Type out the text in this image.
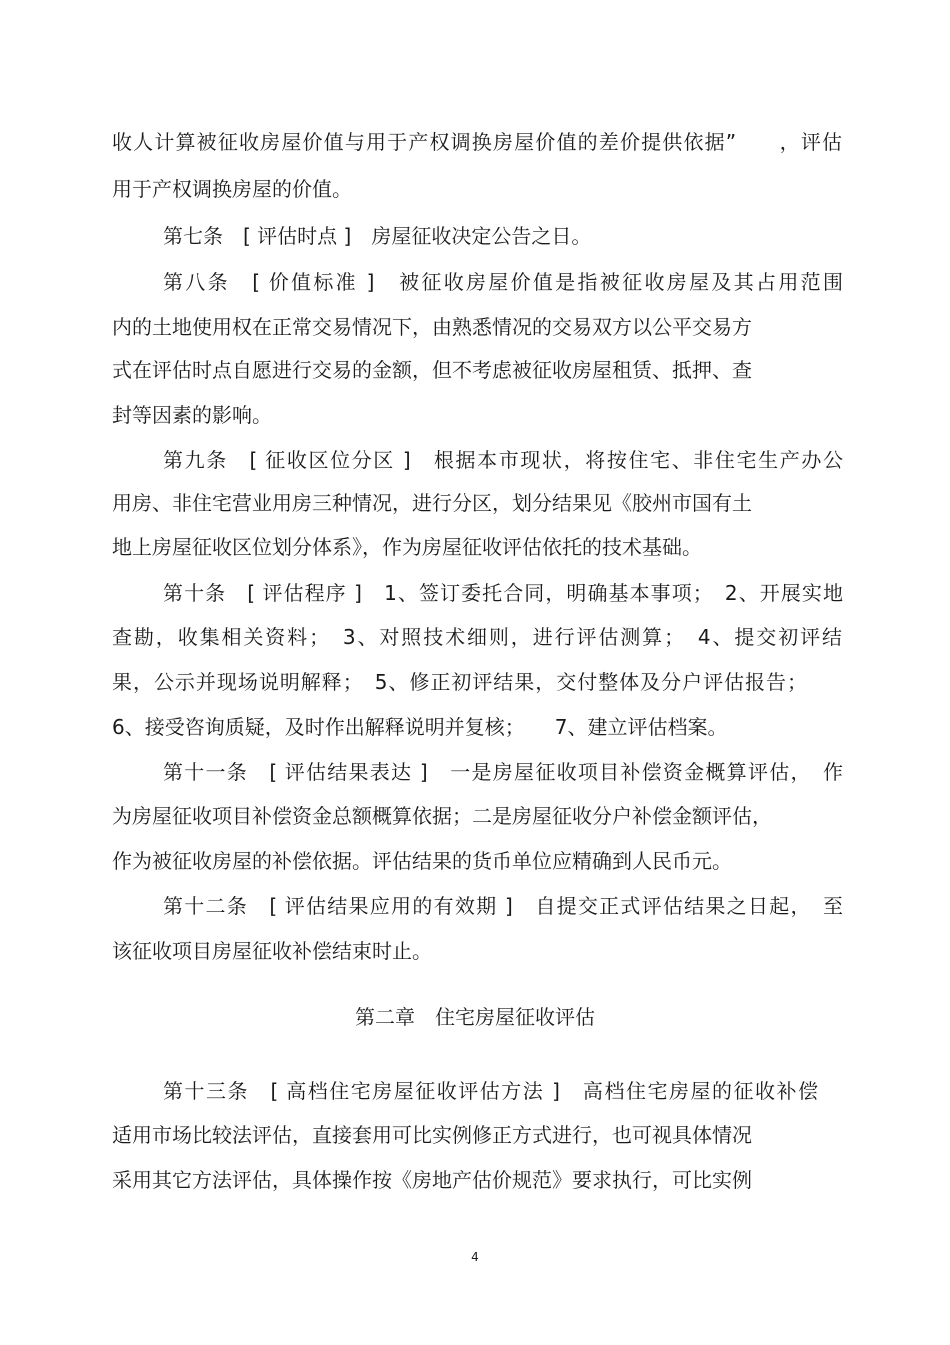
收人计算被征收房屋价值与用于产权调换房屋价值的差价提供依据”　　，评估
用于产权调换房屋的价值。
第七条　[ 评估时点 ]　房屋征收决定公告之日。
第八条　[ 价值标准 ]　被征收房屋价值是指被征收房屋及其占用范围
内的土地使用权在正常交易情况下，由熟悉情况的交易双方以公平交易方
式在评估时点自愿进行交易的金额，但不考虑被征收房屋租赁、抵押、查
封等因素的影响。
第九条　[ 征收区位分区 ]　根据本市现状，将按住宅、非住宅生产办公
用房、非住宅营业用房三种情况，进行分区，划分结果见《胶州市国有土
地上房屋征收区位划分体系》，作为房屋征收评估依托的技术基础。
第十条　[ 评估程序 ]　1、签订委托合同，明确基本事项；　2、开展实地
查勘，收集相关资料；　3、对照技术细则，进行评估测算；　4、提交初评结
果，公示并现场说明解释；　5、修正初评结果，交付整体及分户评估报告；
6、接受咨询质疑，及时作出解释说明并复核；　　7、建立评估档案。
第十一条　[ 评估结果表达 ]　一是房屋征收项目补偿资金概算评估，　作
为房屋征收项目补偿资金总额概算依据；二是房屋征收分户补偿金额评估，
作为被征收房屋的补偿依据。评估结果的货币单位应精确到人民币元。
第十二条　[ 评估结果应用的有效期 ]　自提交正式评估结果之日起，　至
该征收项目房屋征收补偿结束时止。
第二章　住宅房屋征收评估
第十三条　[ 高档住宅房屋征收评估方法 ]　高档住宅房屋的征收补偿
适用市场比较法评估，直接套用可比实例修正方式进行，也可视具体情况
采用其它方法评估，具体操作按《房地产估价规范》要求执行，可比实例
4
